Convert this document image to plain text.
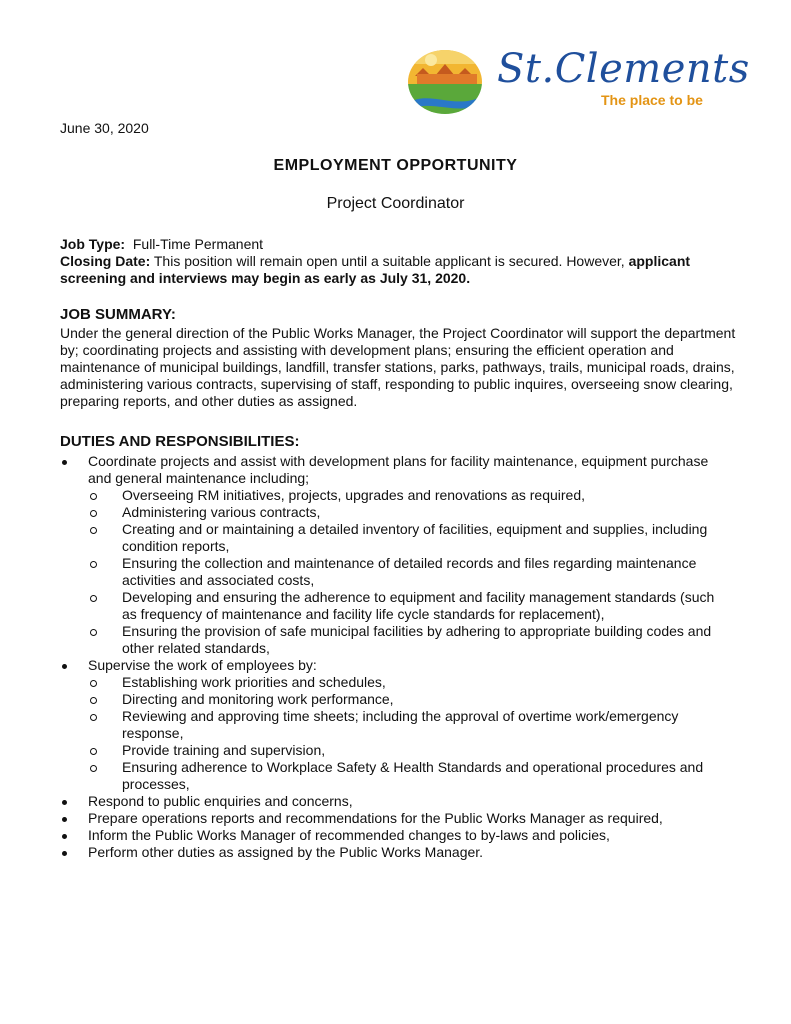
St.Clements
The place to be
June 30, 2020
EMPLOYMENT OPPORTUNITY
Project Coordinator
Job Type: Full-Time Permanent
Closing Date: This position will remain open until a suitable applicant is secured. However, applicant screening and interviews may begin as early as July 31, 2020.
JOB SUMMARY:
Under the general direction of the Public Works Manager, the Project Coordinator will support the department by; coordinating projects and assisting with development plans; ensuring the efficient operation and maintenance of municipal buildings, landfill, transfer stations, parks, pathways, trails, municipal roads, drains, administering various contracts, supervising of staff, responding to public inquires, overseeing snow clearing, preparing reports, and other duties as assigned.
DUTIES AND RESPONSIBILITIES:
Coordinate projects and assist with development plans for facility maintenance, equipment purchase and general maintenance including;
Overseeing RM initiatives, projects, upgrades and renovations as required,
Administering various contracts,
Creating and or maintaining a detailed inventory of facilities, equipment and supplies, including condition reports,
Ensuring the collection and maintenance of detailed records and files regarding maintenance activities and associated costs,
Developing and ensuring the adherence to equipment and facility management standards (such as frequency of maintenance and facility life cycle standards for replacement),
Ensuring the provision of safe municipal facilities by adhering to appropriate building codes and other related standards,
Supervise the work of employees by:
Establishing work priorities and schedules,
Directing and monitoring work performance,
Reviewing and approving time sheets; including the approval of overtime work/emergency response,
Provide training and supervision,
Ensuring adherence to Workplace Safety & Health Standards and operational procedures and processes,
Respond to public enquiries and concerns,
Prepare operations reports and recommendations for the Public Works Manager as required,
Inform the Public Works Manager of recommended changes to by-laws and policies,
Perform other duties as assigned by the Public Works Manager.
